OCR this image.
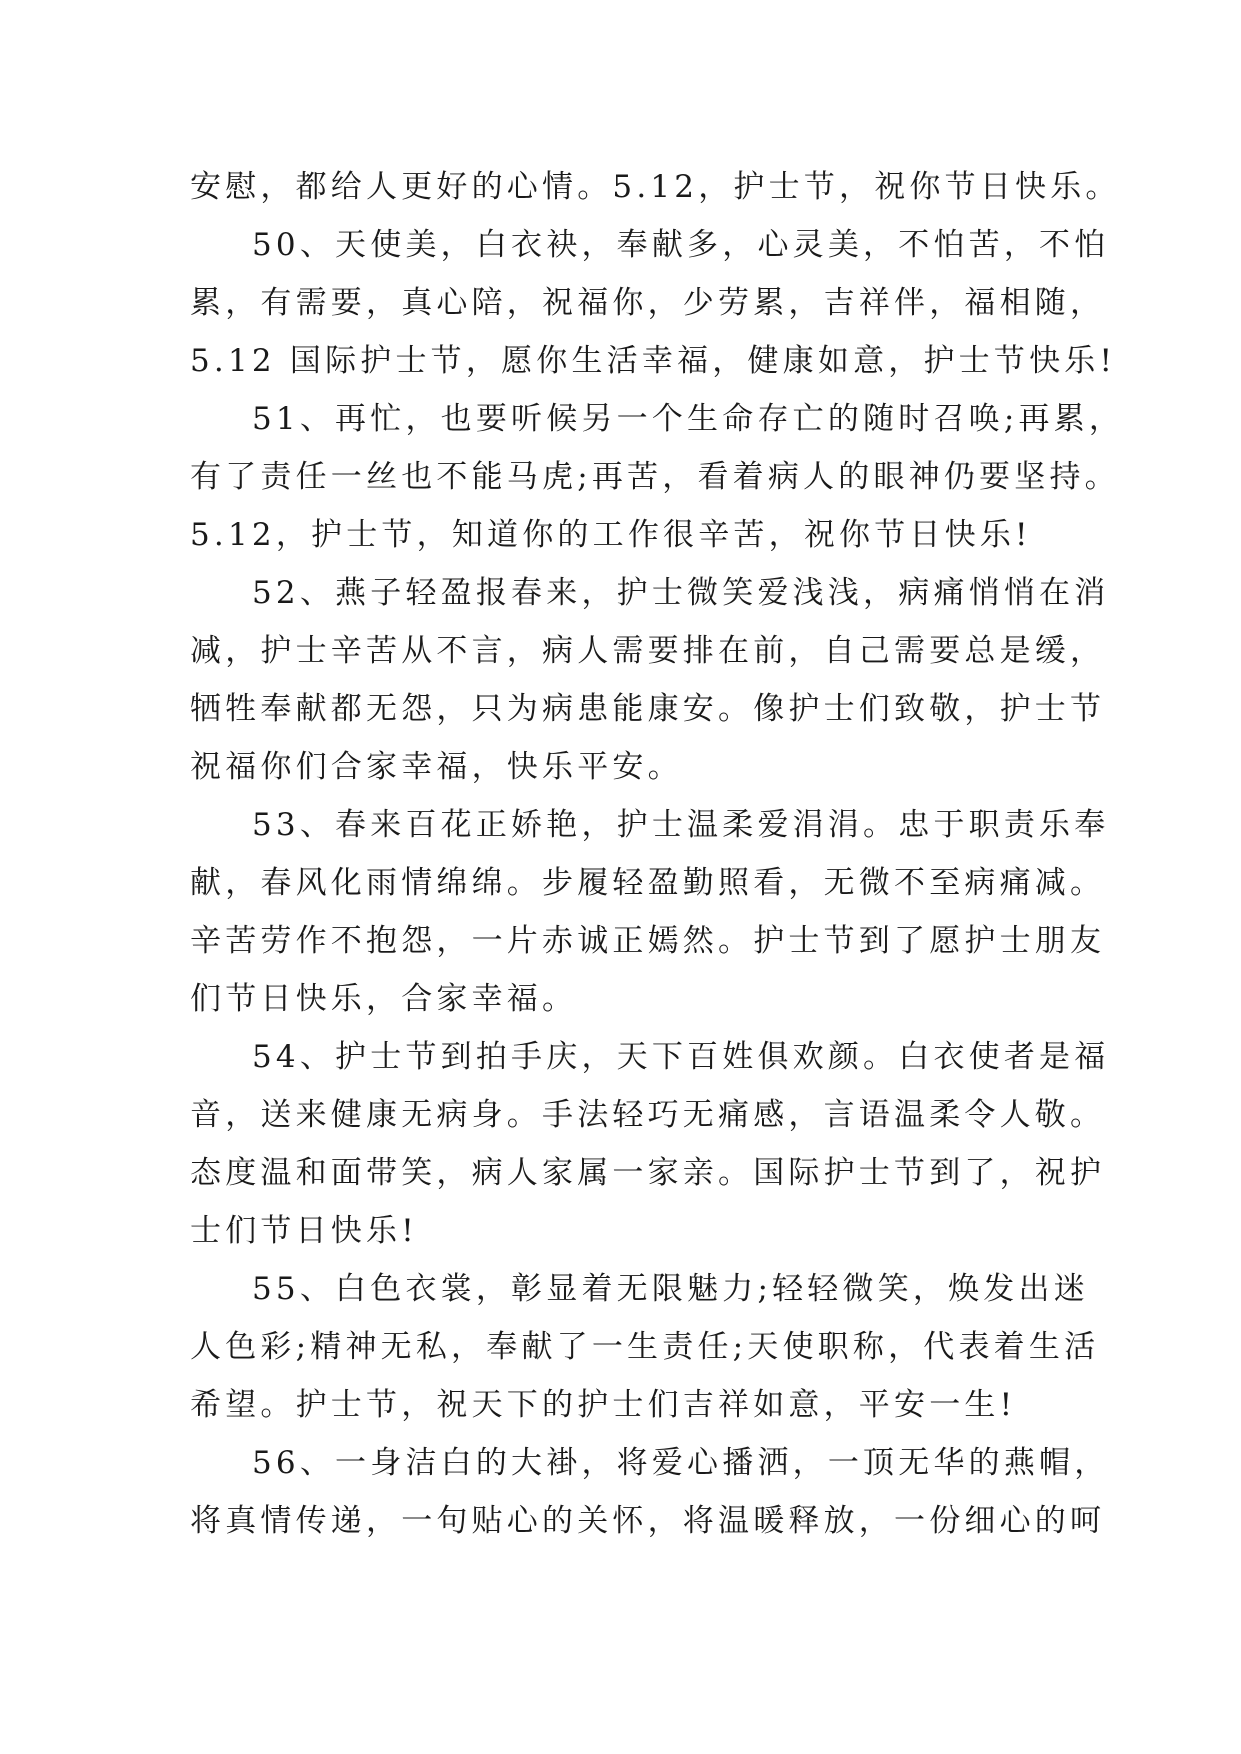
安慰，都给人更好的心情。5.12，护士节，祝你节日快乐。
50、天使美，白衣袂，奉献多，心灵美，不怕苦，不怕
累，有需要，真心陪，祝福你，少劳累，吉祥伴，福相随，
5.12 国际护士节，愿你生活幸福，健康如意，护士节快乐!
51、再忙，也要听候另一个生命存亡的随时召唤;再累，
有了责任一丝也不能马虎;再苦，看着病人的眼神仍要坚持。
5.12，护士节，知道你的工作很辛苦，祝你节日快乐!
52、燕子轻盈报春来，护士微笑爱浅浅，病痛悄悄在消
减，护士辛苦从不言，病人需要排在前，自己需要总是缓，
牺牲奉献都无怨，只为病患能康安。像护士们致敬，护士节
祝福你们合家幸福，快乐平安。
53、春来百花正娇艳，护士温柔爱涓涓。忠于职责乐奉
献，春风化雨情绵绵。步履轻盈勤照看，无微不至病痛减。
辛苦劳作不抱怨，一片赤诚正嫣然。护士节到了愿护士朋友
们节日快乐，合家幸福。
54、护士节到拍手庆，天下百姓俱欢颜。白衣使者是福
音，送来健康无病身。手法轻巧无痛感，言语温柔令人敬。
态度温和面带笑，病人家属一家亲。国际护士节到了，祝护
士们节日快乐!
55、白色衣裳，彰显着无限魅力;轻轻微笑，焕发出迷
人色彩;精神无私，奉献了一生责任;天使职称，代表着生活
希望。护士节，祝天下的护士们吉祥如意，平安一生!
56、一身洁白的大褂，将爱心播洒，一顶无华的燕帽，
将真情传递，一句贴心的关怀，将温暖释放，一份细心的呵
